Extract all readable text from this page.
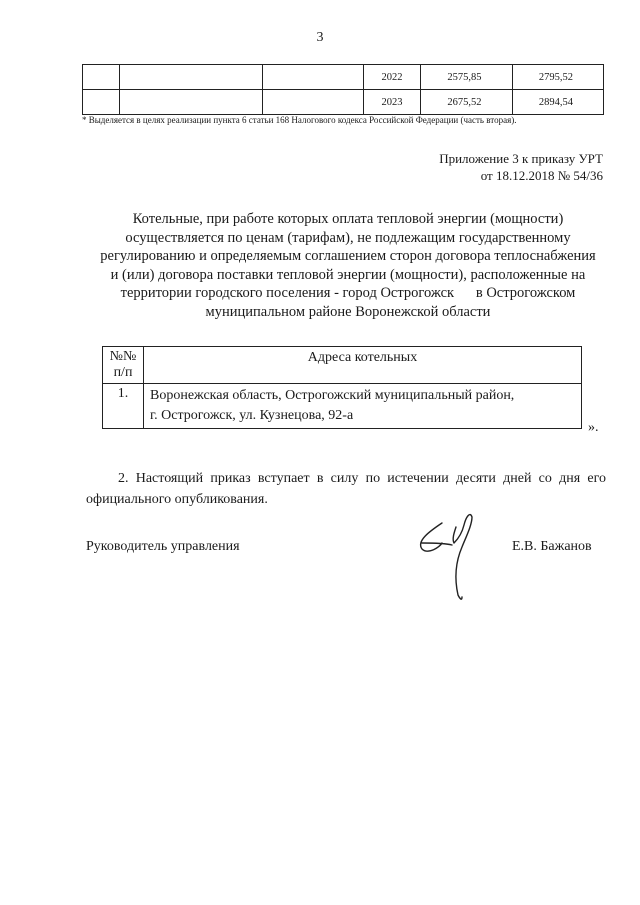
3
			2022	2575,85	2795,52
			2023	2675,52	2894,54
* Выделяется в целях реализации пункта 6 статьи 168 Налогового кодекса Российской Федерации (часть вторая).
Приложение 3 к приказу УРТ
от 18.12.2018 № 54/36
Котельные, при работе которых оплата тепловой энергии (мощности)
осуществляется по ценам (тарифам), не подлежащим государственному
регулированию и определяемым соглашением сторон договора теплоснабжения
и (или) договора поставки тепловой энергии (мощности), расположенные на
территории городского поселения - город Острогожск      в Острогожском
муниципальном районе Воронежской области
№№
п/п	Адреса котельных
1.	Воронежская область, Острогожский муниципальный район,
г. Острогожск, ул. Кузнецова, 92-а
».
2. Настоящий приказ вступает в силу по истечении десяти дней со дня его официального опубликования.
Руководитель управления	Е.В. Бажанов
